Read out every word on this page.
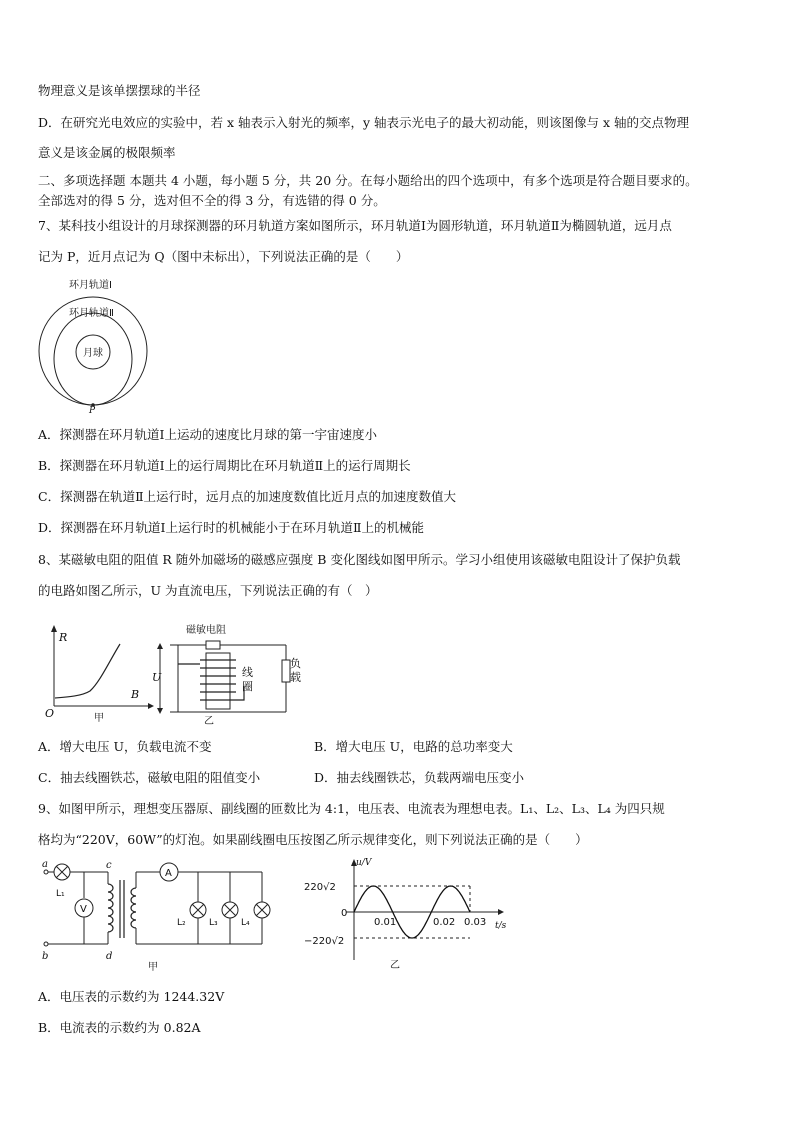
物理意义是该单摆摆球的半径
D．在研究光电效应的实验中，若 x 轴表示入射光的频率，y 轴表示光电子的最大初动能，则该图像与 x 轴的交点物理
意义是该金属的极限频率
二、多项选择题 本题共 4 小题，每小题 5 分，共 20 分。在每小题给出的四个选项中，有多个选项是符合题目要求的。
全部选对的得 5 分，选对但不全的得 3 分，有选错的得 0 分。
7、某科技小组设计的月球探测器的环月轨道方案如图所示，环月轨道Ⅰ为圆形轨道，环月轨道Ⅱ为椭圆轨道，远月点
记为 P，近月点记为 Q（图中未标出），下列说法正确的是（　　）
环月轨道Ⅰ
环月轨道Ⅱ
月球
P
A．探测器在环月轨道Ⅰ上运动的速度比月球的第一宇宙速度小
B．探测器在环月轨道Ⅰ上的运行周期比在环月轨道Ⅱ上的运行周期长
C．探测器在轨道Ⅱ上运行时，远月点的加速度数值比近月点的加速度数值大
D．探测器在环月轨道Ⅰ上运行时的机械能小于在环月轨道Ⅱ上的机械能
8、某磁敏电阻的阻值 R 随外加磁场的磁感应强度 B 变化图线如图甲所示。学习小组使用该磁敏电阻设计了保护负载
的电路如图乙所示，U 为直流电压，下列说法正确的有（　）
R
B
O	甲
磁敏电阻
U	线
圈
负
载
乙
A．增大电压 U，负载电流不变	B．增大电压 U，电路的总功率变大
C．抽去线圈铁芯，磁敏电阻的阻值变小	D．抽去线圈铁芯，负载两端电压变小
9、如图甲所示，理想变压器原、副线圈的匝数比为 4:1，电压表、电流表为理想电表。L₁、L₂、L₃、L₄ 为四只规
格均为“220V，60W”的灯泡。如果副线圈电压按图乙所示规律变化，则下列说法正确的是（　　）
a
b
L₁
V
c
d
A
L₂	L₃	L₄
甲
u/V
t/s
220√2
−220√2
0
0.01	0.02 0.03
乙
A．电压表的示数约为 1244.32V
B．电流表的示数约为 0.82A
